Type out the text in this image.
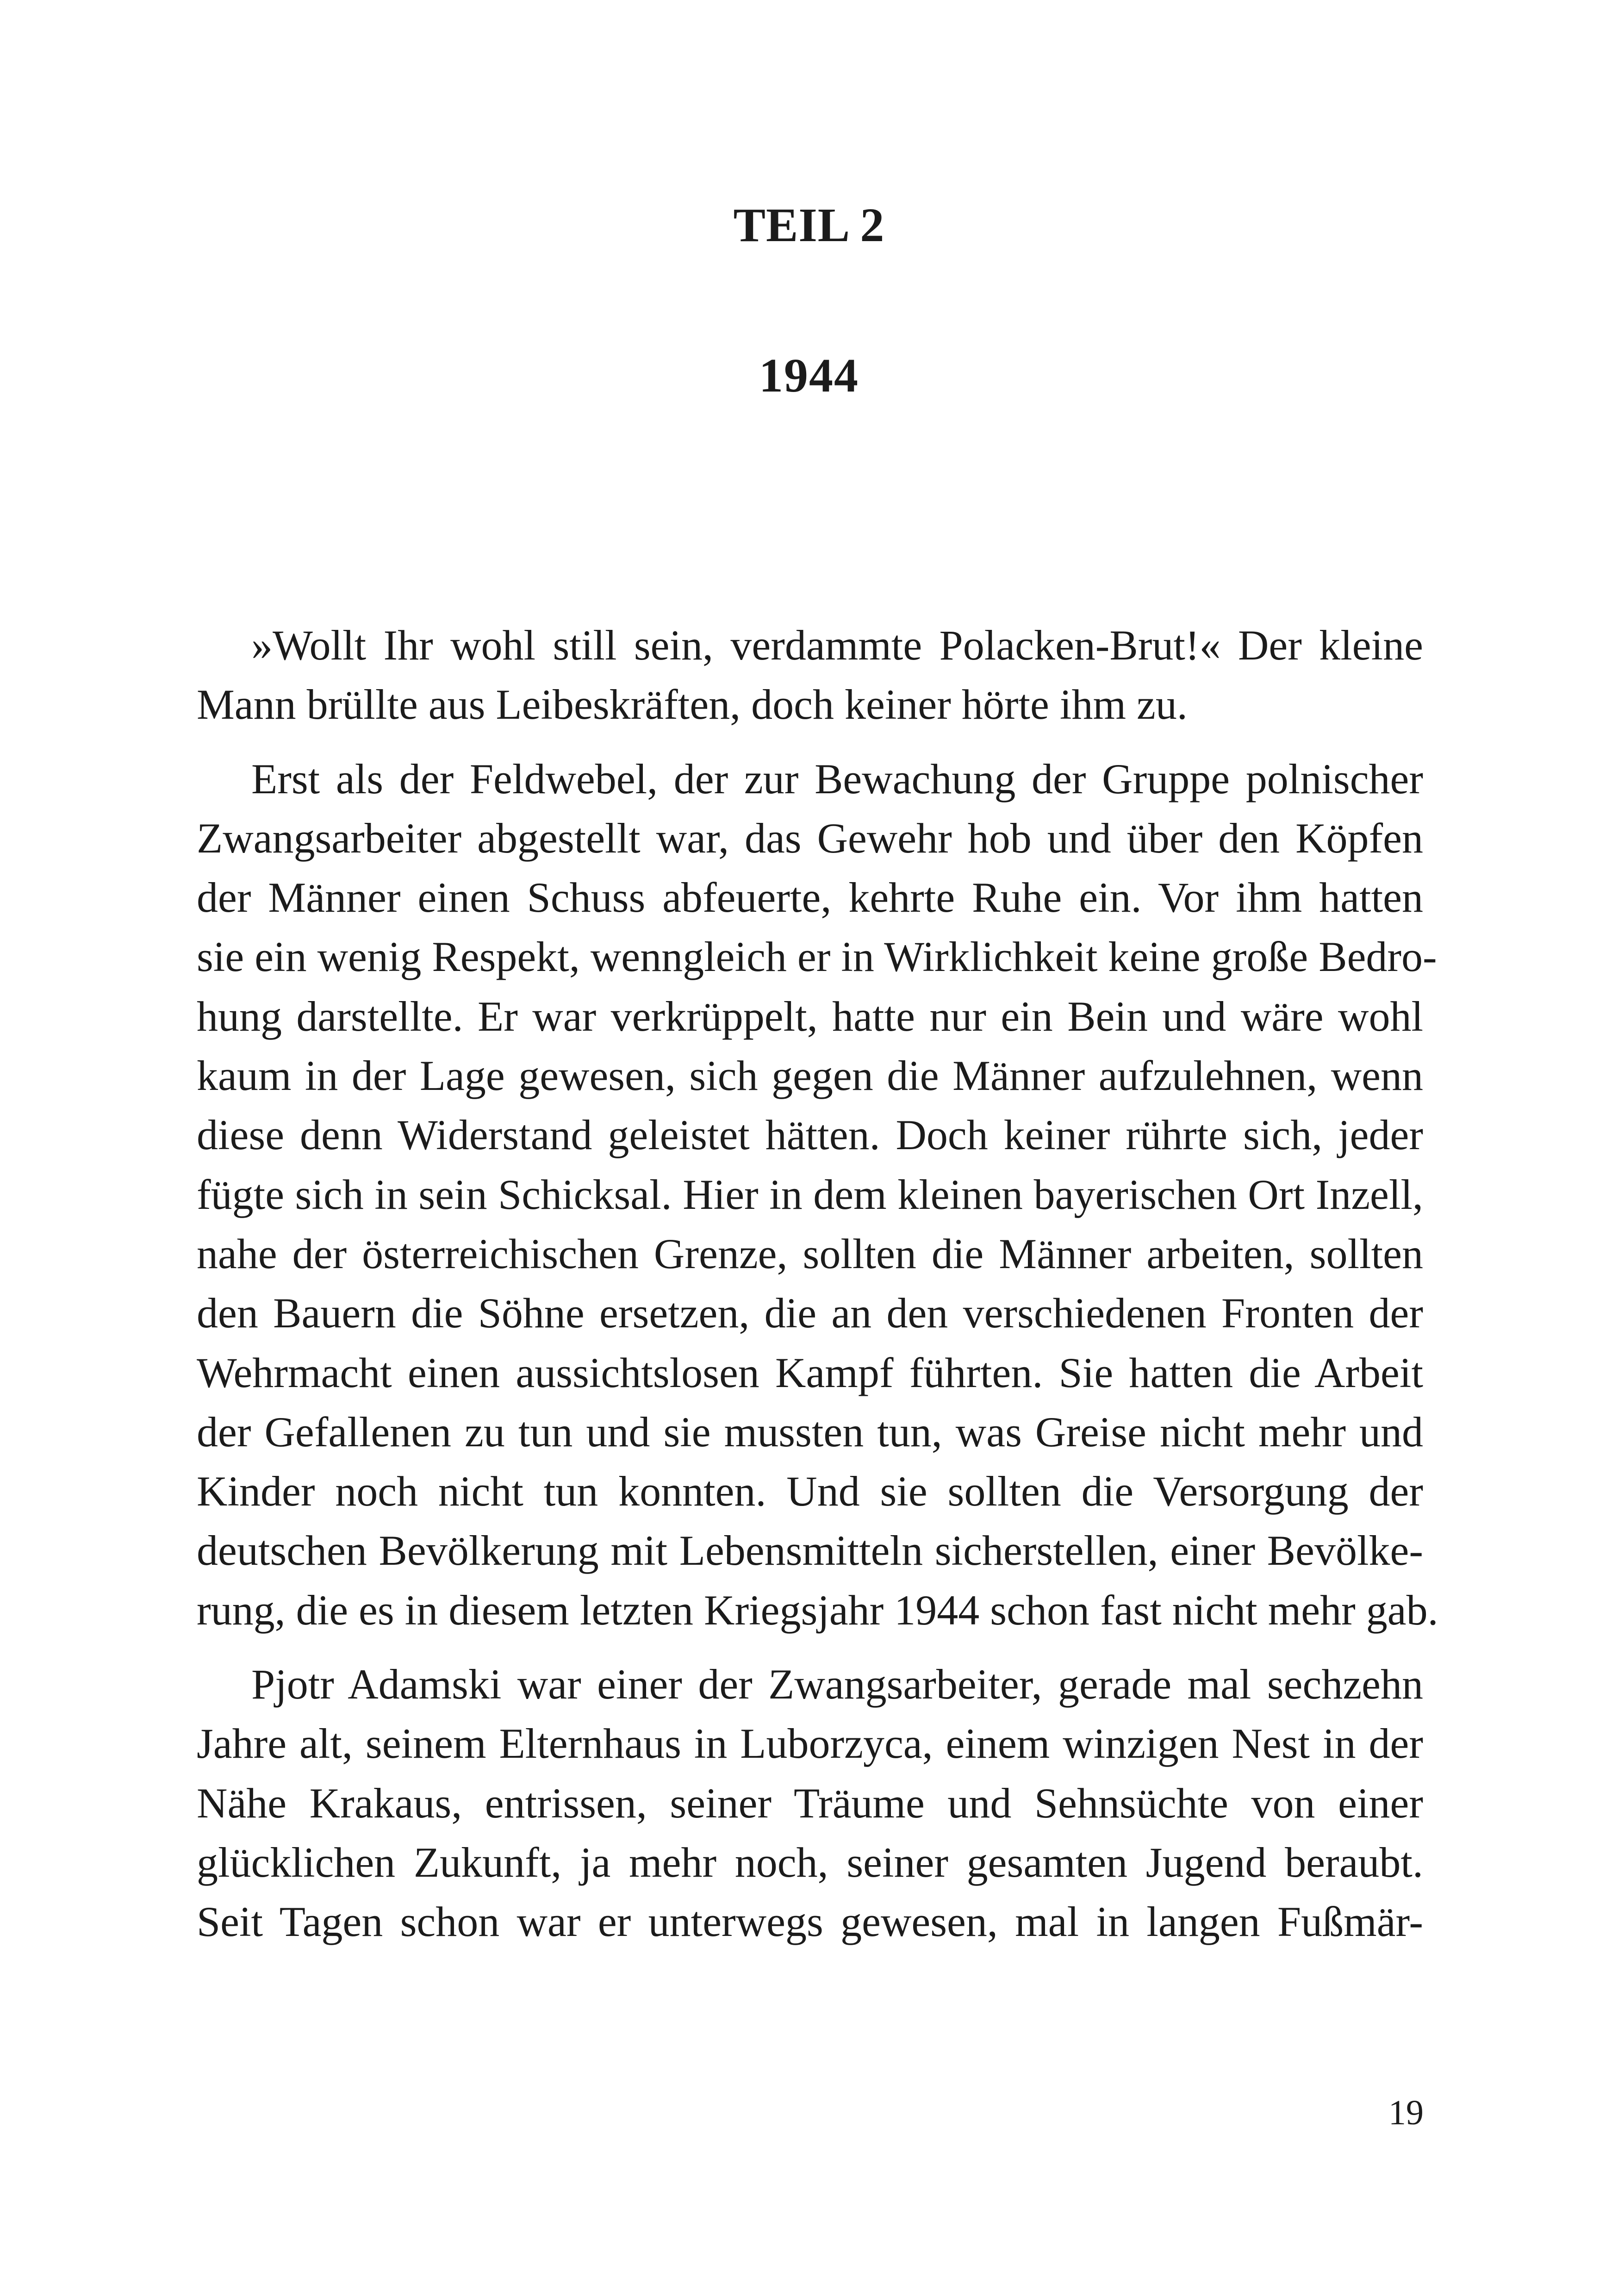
TEIL 2
1944

»Wollt Ihr wohl still sein, verdammte Polacken-Brut!« Der kleine
Mann brüllte aus Leibeskräften, doch keiner hörte ihm zu.

Erst als der Feldwebel, der zur Bewachung der Gruppe polnischer
Zwangsarbeiter abgestellt war, das Gewehr hob und über den Köpfen
der Männer einen Schuss abfeuerte, kehrte Ruhe ein. Vor ihm hatten
sie ein wenig Respekt, wenngleich er in Wirklichkeit keine große Bedro-
hung darstellte. Er war verkrüppelt, hatte nur ein Bein und wäre wohl
kaum in der Lage gewesen, sich gegen die Männer aufzulehnen, wenn
diese denn Widerstand geleistet hätten. Doch keiner rührte sich, jeder
fügte sich in sein Schicksal. Hier in dem kleinen bayerischen Ort Inzell,
nahe der österreichischen Grenze, sollten die Männer arbeiten, sollten
den Bauern die Söhne ersetzen, die an den verschiedenen Fronten der
Wehrmacht einen aussichtslosen Kampf führten. Sie hatten die Arbeit
der Gefallenen zu tun und sie mussten tun, was Greise nicht mehr und
Kinder noch nicht tun konnten. Und sie sollten die Versorgung der
deutschen Bevölkerung mit Lebensmitteln sicherstellen, einer Bevölke-
rung, die es in diesem letzten Kriegsjahr 1944 schon fast nicht mehr gab.

Pjotr Adamski war einer der Zwangsarbeiter, gerade mal sechzehn
Jahre alt, seinem Elternhaus in Luborzyca, einem winzigen Nest in der
Nähe Krakaus, entrissen, seiner Träume und Sehnsüchte von einer
glücklichen Zukunft, ja mehr noch, seiner gesamten Jugend beraubt.
Seit Tagen schon war er unterwegs gewesen, mal in langen Fußmär-

19
